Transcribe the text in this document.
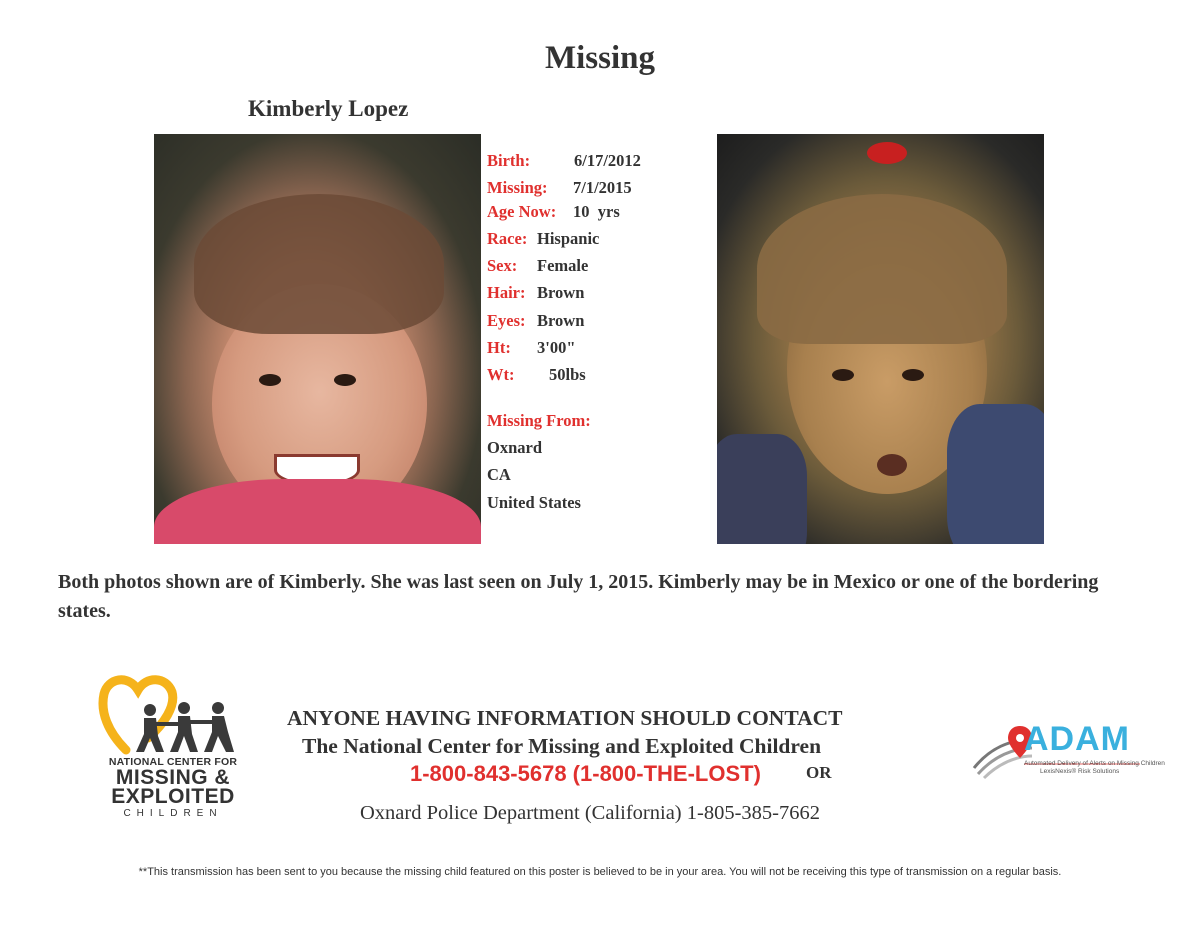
Missing
Kimberly Lopez
Birth:	6/17/2012
Missing: 7/1/2015
Age Now: 10  yrs
Race: Hispanic
Sex: Female
Hair: Brown
Eyes: Brown
Ht: 3'00"
Wt: 50lbs
Missing From:
Oxnard
CA
United States
Both photos shown are of Kimberly. She was last seen on July 1, 2015. Kimberly may be in Mexico or one of the bordering states.
NATIONAL CENTER FOR
MISSING &
EXPLOITED
CHILDREN
ANYONE HAVING INFORMATION SHOULD CONTACT
The National Center for Missing and Exploited Children
1-800-843-5678 (1-800-THE-LOST)	OR
Oxnard Police Department (California) 1-805-385-7662
ADAM
Automated Delivery of Alerts on Missing Children
LexisNexis® Risk Solutions
**This transmission has been sent to you because the missing child featured on this poster is believed to be in your area. You will not be receiving this type of transmission on a regular basis.
